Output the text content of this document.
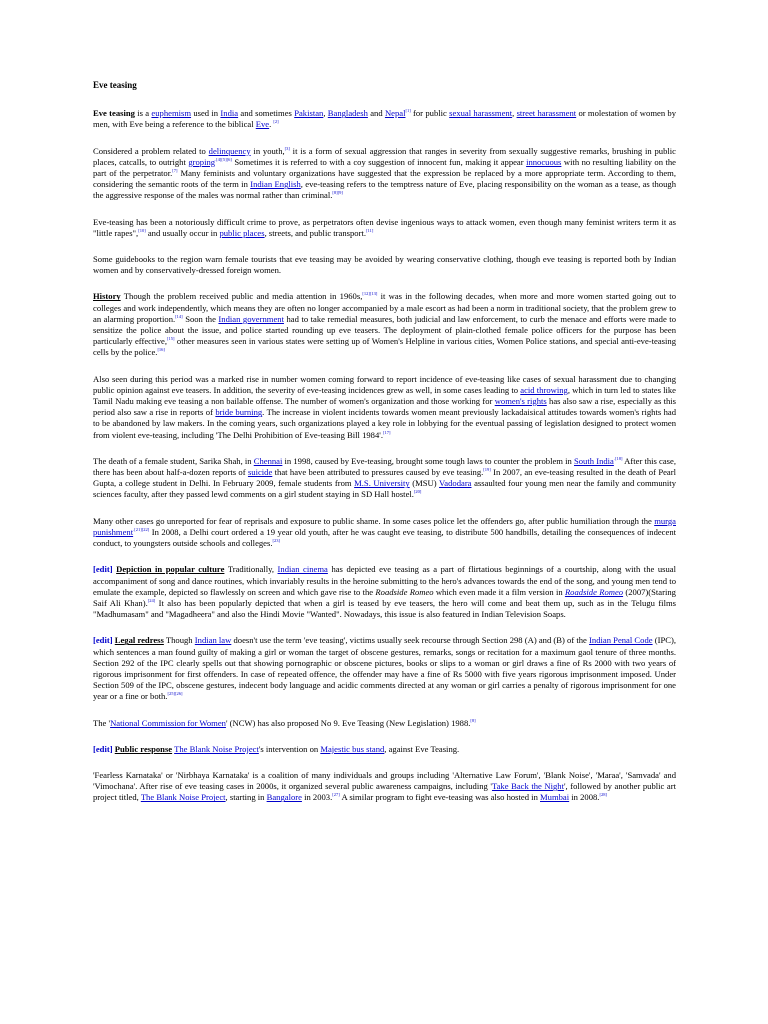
Eve teasing

Eve teasing is a euphemism used in India and sometimes Pakistan, Bangladesh and Nepal[1] for public sexual harassment, street harassment or molestation of women by men, with Eve being a reference to the biblical Eve. [2]

Considered a problem related to delinquency in youth,[3] it is a form of sexual aggression that ranges in severity from sexually suggestive remarks, brushing in public places, catcalls, to outright groping$^{.[4][5][6]}$ Sometimes it is referred to with a coy suggestion of innocent fun, making it appear innocuous with no resulting liability on the part of the perpetrator.[7] Many feminists and voluntary organizations have suggested that the expression be replaced by a more appropriate term. According to them, considering the semantic roots of the term in Indian English, eve-teasing refers to the temptress nature of Eve, placing responsibility on the woman as a tease, as though the aggressive response of the males was normal rather than criminal.[8][9]

Eve-teasing has been a notoriously difficult crime to prove, as perpetrators often devise ingenious ways to attack women, even though many feminist writers term it as "little rapes",[10] and usually occur in public places, streets, and public transport.[11]

Some guidebooks to the region warn female tourists that eve teasing may be avoided by wearing conservative clothing, though eve teasing is reported both by Indian women and by conservatively-dressed foreign women.

History Though the problem received public and media attention in 1960s,[12][13] it was in the following decades, when more and more women started going out to colleges and work independently, which means they are often no longer accompanied by a male escort as had been a norm in traditional society, that the problem grew to an alarming proportion.[14] Soon the Indian government had to take remedial measures, both judicial and law enforcement, to curb the menace and efforts were made to sensitize the police about the issue, and police started rounding up eve teasers. The deployment of plain-clothed female police officers for the purpose has been particularly effective,[15] other measures seen in various states were setting up of Women's Helpline in various cities, Women Police stations, and special anti-eve-teasing cells by the police.[16]

Also seen during this period was a marked rise in number women coming forward to report incidence of eve-teasing like cases of sexual harassment due to changing public opinion against eve teasers. In addition, the severity of eve-teasing incidences grew as well, in some cases leading to acid throwing, which in turn led to states like Tamil Nadu making eve teasing a non bailable offense. The number of women's organization and those working for women's rights has also saw a rise, especially as this period also saw a rise in reports of bride burning. The increase in violent incidents towards women meant previously lackadaisical attitudes towards women's rights had to be abandoned by law makers. In the coming years, such organizations played a key role in lobbying for the eventual passing of legislation designed to protect women from violent eve-teasing, including 'The Delhi Prohibition of Eve-teasing Bill 1984'.[17]

The death of a female student, Sarika Shah, in Chennai in 1998, caused by Eve-teasing, brought some tough laws to counter the problem in South India$^{.[18]}$ After this case, there has been about half-a-dozen reports of suicide that have been attributed to pressures caused by eve teasing.[19] In 2007, an eve-teasing resulted in the death of Pearl Gupta, a college student in Delhi. In February 2009, female students from M.S. University (MSU) Vadodara assaulted four young men near the family and community sciences faculty, after they passed lewd comments on a girl student staying in SD Hall hostel.[20]

Many other cases go unreported for fear of reprisals and exposure to public shame. In some cases police let the offenders go, after public humiliation through the murga punishment$^{.[21][22]}$ In 2008, a Delhi court ordered a 19 year old youth, after he was caught eve teasing, to distribute 500 handbills, detailing the consequences of indecent conduct, to youngsters outside schools and colleges.[23]

[edit] Depiction in popular culture Traditionally, Indian cinema has depicted eve teasing as a part of flirtatious beginnings of a courtship, along with the usual accompaniment of song and dance routines, which invariably results in the heroine submitting to the hero's advances towards the end of the song, and young men tend to emulate the example, depicted so flawlessly on screen and which gave rise to the Roadside Romeo which even made it a film version in Roadside Romeo (2007)(Staring Saif Ali Khan).[24] It also has been popularly depicted that when a girl is teased by eve teasers, the hero will come and beat them up, such as in the Telugu films "Madhumasam" and "Magadheera" and also the Hindi Movie "Wanted". Nowadays, this issue is also featured in Indian Television Soaps.

[edit] Legal redress Though Indian law doesn't use the term 'eve teasing', victims usually seek recourse through Section 298 (A) and (B) of the Indian Penal Code (IPC), which sentences a man found guilty of making a girl or woman the target of obscene gestures, remarks, songs or recitation for a maximum gaol tenure of three months. Section 292 of the IPC clearly spells out that showing pornographic or obscene pictures, books or slips to a woman or girl draws a fine of Rs 2000 with two years of rigorous imprisonment for first offenders. In case of repeated offence, the offender may have a fine of Rs 5000 with five years rigorous imprisonment imposed. Under Section 509 of the IPC, obscene gestures, indecent body language and acidic comments directed at any woman or girl carries a penalty of rigorous imprisonment for one year or a fine or both.[25][26]

The 'National Commission for Women' (NCW) has also proposed No 9. Eve Teasing (New Legislation) 1988.[8]

[edit] Public response The Blank Noise Project's intervention on Majestic bus stand, against Eve Teasing.

'Fearless Karnataka' or 'Nirbhaya Karnataka' is a coalition of many individuals and groups including 'Alternative Law Forum', 'Blank Noise', 'Maraa', 'Samvada' and 'Vimochana'. After rise of eve teasing cases in 2000s, it organized several public awareness campaigns, including 'Take Back the Night', followed by another public art project titled, The Blank Noise Project, starting in Bangalore in 2003.[27] A similar program to fight eve-teasing was also hosted in Mumbai in 2008.[28]
